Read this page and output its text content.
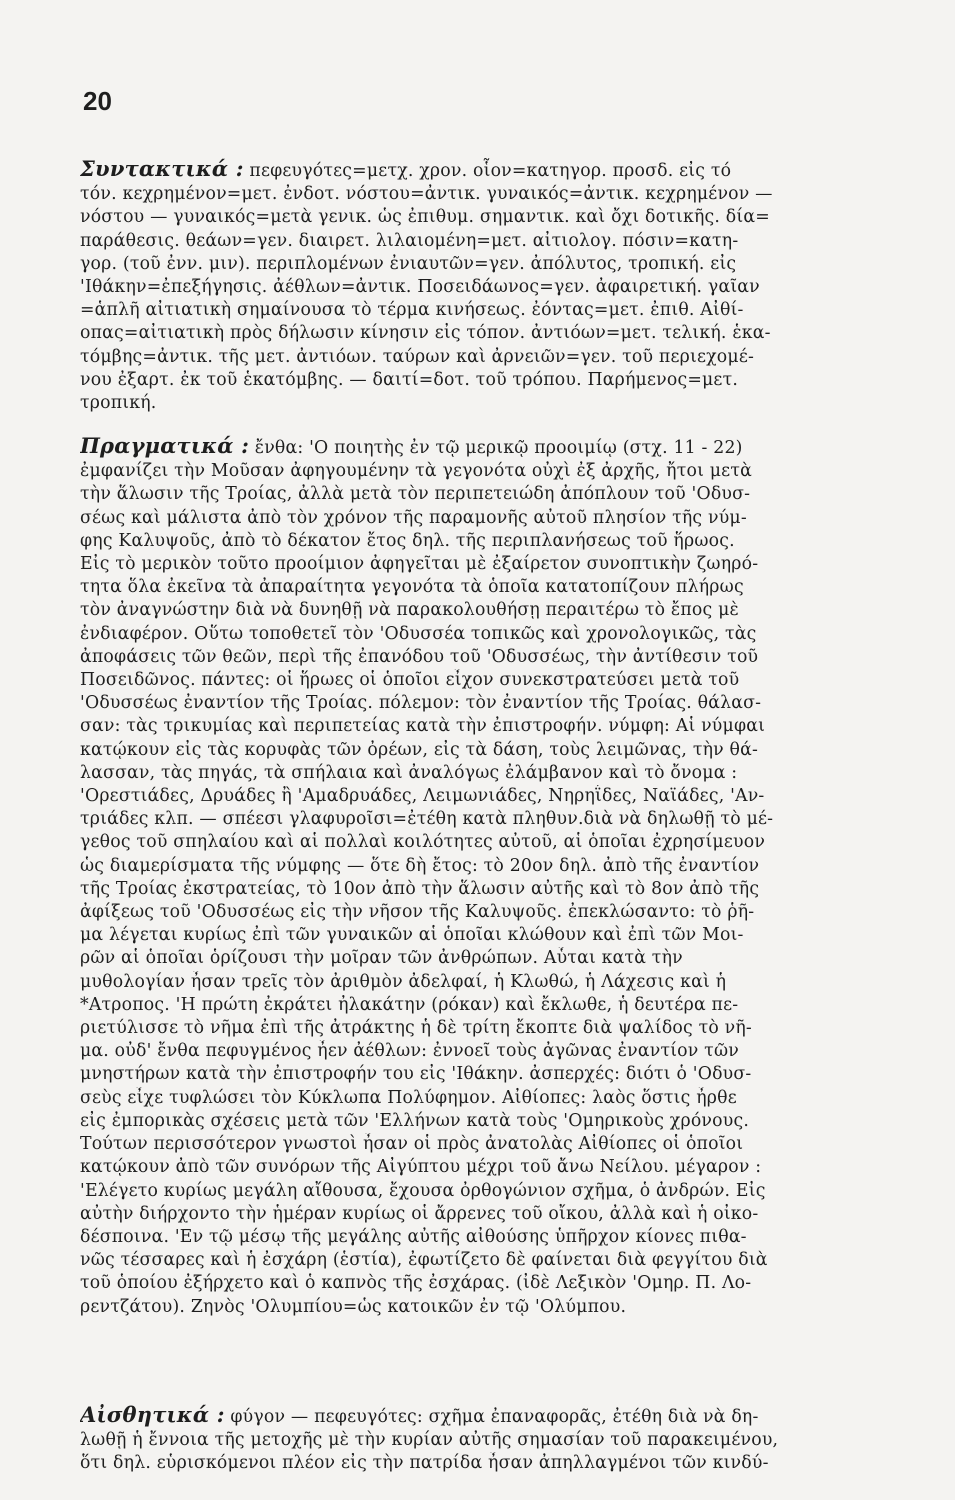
20
Συντακτικά : πεφευγότες=μετχ. χρον. οἷον=κατηγορ. προσδ. εἰς τό
τόν. κεχρημένον=μετ. ἐνδοτ. νόστου=ἀντικ. γυναικός=ἀντικ. κεχρημένον —
νόστου — γυναικός=μετὰ γενικ. ὡς ἐπιθυμ. σημαντικ. καὶ ὄχι δοτικῆς. δία=
παράθεσις. θεάων=γεν. διαιρετ. λιλαιομένη=μετ. αἰτιολογ. πόσιν=κατη-
γορ. (τοῦ ἐνν. μιν). περιπλομένων ἐνιαυτῶν=γεν. ἀπόλυτος, τροπική. εἰς
'Ιθάκην=ἐπεξήγησις. ἀέθλων=ἀντικ. Ποσειδάωνος=γεν. ἀφαιρετική. γαῖαν
=ἁπλῆ αἰτιατικὴ σημαίνουσα τὸ τέρμα κινήσεως. ἐόντας=μετ. ἐπιθ. Αἰθί-
οπας=αἰτιατικὴ πρὸς δήλωσιν κίνησιν εἰς τόπον. ἀντιόων=μετ. τελική. ἑκα-
τόμβης=ἀντικ. τῆς μετ. ἀντιόων. ταύρων καὶ ἀρνειῶν=γεν. τοῦ περιεχομέ-
νου ἐξαρτ. ἐκ τοῦ ἑκατόμβης. — δαιτί=δοτ. τοῦ τρόπου. Παρήμενος=μετ.
τροπική.
Πραγματικά : ἔνθα: 'Ο ποιητὴς ἐν τῷ μερικῷ προοιμίῳ (στχ. 11 - 22)
ἐμφανίζει τὴν Μοῦσαν ἀφηγουμένην τὰ γεγονότα οὐχὶ ἐξ ἀρχῆς, ἤτοι μετὰ
τὴν ἅλωσιν τῆς Τροίας, ἀλλὰ μετὰ τὸν περιπετειώδη ἀπόπλουν τοῦ 'Οδυσ-
σέως καὶ μάλιστα ἀπὸ τὸν χρόνον τῆς παραμονῆς αὐτοῦ πλησίον τῆς νύμ-
φης Καλυψοῦς, ἀπὸ τὸ δέκατον ἔτος δηλ. τῆς περιπλανήσεως τοῦ ἥρωος.
Εἰς τὸ μερικὸν τοῦτο προοίμιον ἀφηγεῖται μὲ ἐξαίρετον συνοπτικὴν ζωηρό-
τητα ὅλα ἐκεῖνα τὰ ἀπαραίτητα γεγονότα τὰ ὁποῖα κατατοπίζουν πλήρως
τὸν ἀναγνώστην διὰ νὰ δυνηθῇ νὰ παρακολουθήσῃ περαιτέρω τὸ ἔπος μὲ
ἐνδιαφέρον. Οὕτω τοποθετεῖ τὸν 'Οδυσσέα τοπικῶς καὶ χρονολογικῶς, τὰς
ἀποφάσεις τῶν θεῶν, περὶ τῆς ἐπανόδου τοῦ 'Οδυσσέως, τὴν ἀντίθεσιν τοῦ
Ποσειδῶνος. πάντες: οἱ ἥρωες οἱ ὁποῖοι εἶχον συνεκστρατεύσει μετὰ τοῦ
'Οδυσσέως ἐναντίον τῆς Τροίας. πόλεμον: τὸν ἐναντίον τῆς Τροίας. θάλασ-
σαν: τὰς τρικυμίας καὶ περιπετείας κατὰ τὴν ἐπιστροφήν. νύμφη: Αἱ νύμφαι
κατῴκουν εἰς τὰς κορυφὰς τῶν ὀρέων, εἰς τὰ δάση, τοὺς λειμῶνας, τὴν θά-
λασσαν, τὰς πηγάς, τὰ σπήλαια καὶ ἀναλόγως ἐλάμβανον καὶ τὸ ὄνομα :
'Ορεστιάδες, Δρυάδες ἢ 'Αμαδρυάδες, Λειμωνιάδες, Νηρηΐδες, Ναϊάδες, 'Αν-
τριάδες κλπ. — σπέεσι γλαφυροῖσι=ἐτέθη κατὰ πληθυν.διὰ νὰ δηλωθῇ τὸ μέ-
γεθος τοῦ σπηλαίου καὶ αἱ πολλαὶ κοιλότητες αὐτοῦ, αἱ ὁποῖαι ἐχρησίμευον
ὡς διαμερίσματα τῆς νύμφης — ὅτε δὴ ἔτος: τὸ 20ον δηλ. ἀπὸ τῆς ἐναντίον
τῆς Τροίας ἐκστρατείας, τὸ 10ον ἀπὸ τὴν ἅλωσιν αὐτῆς καὶ τὸ 8ον ἀπὸ τῆς
ἀφίξεως τοῦ 'Οδυσσέως εἰς τὴν νῆσον τῆς Καλυψοῦς. ἐπεκλώσαντο: τὸ ῥῆ-
μα λέγεται κυρίως ἐπὶ τῶν γυναικῶν αἱ ὁποῖαι κλώθουν καὶ ἐπὶ τῶν Μοι-
ρῶν αἱ ὁποῖαι ὁρίζουσι τὴν μοῖραν τῶν ἀνθρώπων. Αὗται κατὰ τὴν
μυθολογίαν ἦσαν τρεῖς τὸν ἀριθμὸν ἀδελφαί, ἡ Κλωθώ, ἡ Λάχεσις καὶ ἡ
*Ατροπος. 'Η πρώτη ἐκράτει ἠλακάτην (ρόκαν) καὶ ἔκλωθε, ἡ δευτέρα πε-
ριετύλισσε τὸ νῆμα ἐπὶ τῆς ἀτράκτης ἡ δὲ τρίτη ἔκοπτε διὰ ψαλίδος τὸ νῆ-
μα. οὐδ' ἔνθα πεφυγμένος ἦεν ἀέθλων: ἐννοεῖ τοὺς ἀγῶνας ἐναντίον τῶν
μνηστήρων κατὰ τὴν ἐπιστροφήν του εἰς 'Ιθάκην. ἀσπερχές: διότι ὁ 'Οδυσ-
σεὺς εἶχε τυφλώσει τὸν Κύκλωπα Πολύφημον. Αἰθίοπες: λαὸς ὅστις ἦρθε
εἰς ἐμπορικὰς σχέσεις μετὰ τῶν 'Ελλήνων κατὰ τοὺς 'Ομηρικοὺς χρόνους.
Τούτων περισσότερον γνωστοὶ ἦσαν οἱ πρὸς ἀνατολὰς Αἰθίοπες οἱ ὁποῖοι
κατῴκουν ἀπὸ τῶν συνόρων τῆς Αἰγύπτου μέχρι τοῦ ἄνω Νείλου. μέγαρον :
'Ελέγετο κυρίως μεγάλη αἴθουσα, ἔχουσα ὀρθογώνιον σχῆμα, ὁ ἀνδρών. Εἰς
αὐτὴν διήρχοντο τὴν ἡμέραν κυρίως οἱ ἄρρενες τοῦ οἴκου, ἀλλὰ καὶ ἡ οἰκο-
δέσποινα. 'Εν τῷ μέσῳ τῆς μεγάλης αὐτῆς αἰθούσης ὑπῆρχον κίονες πιθα-
νῶς τέσσαρες καὶ ἡ ἐσχάρη (ἑστία), ἐφωτίζετο δὲ φαίνεται διὰ φεγγίτου διὰ
τοῦ ὁποίου ἐξήρχετο καὶ ὁ καπνὸς τῆς ἐσχάρας. (ἰδὲ Λεξικὸν 'Ομηρ. Π. Λο-
ρεντζάτου). Ζηνὸς 'Ολυμπίου=ὡς κατοικῶν ἐν τῷ 'Ολύμπου.
Αἰσθητικά : φύγον — πεφευγότες: σχῆμα ἐπαναφορᾶς, ἐτέθη διὰ νὰ δη-
λωθῇ ἡ ἔννοια τῆς μετοχῆς μὲ τὴν κυρίαν αὐτῆς σημασίαν τοῦ παρακειμένου,
ὅτι δηλ. εὑρισκόμενοι πλέον εἰς τὴν πατρίδα ἦσαν ἀπηλλαγμένοι τῶν κινδύ-
